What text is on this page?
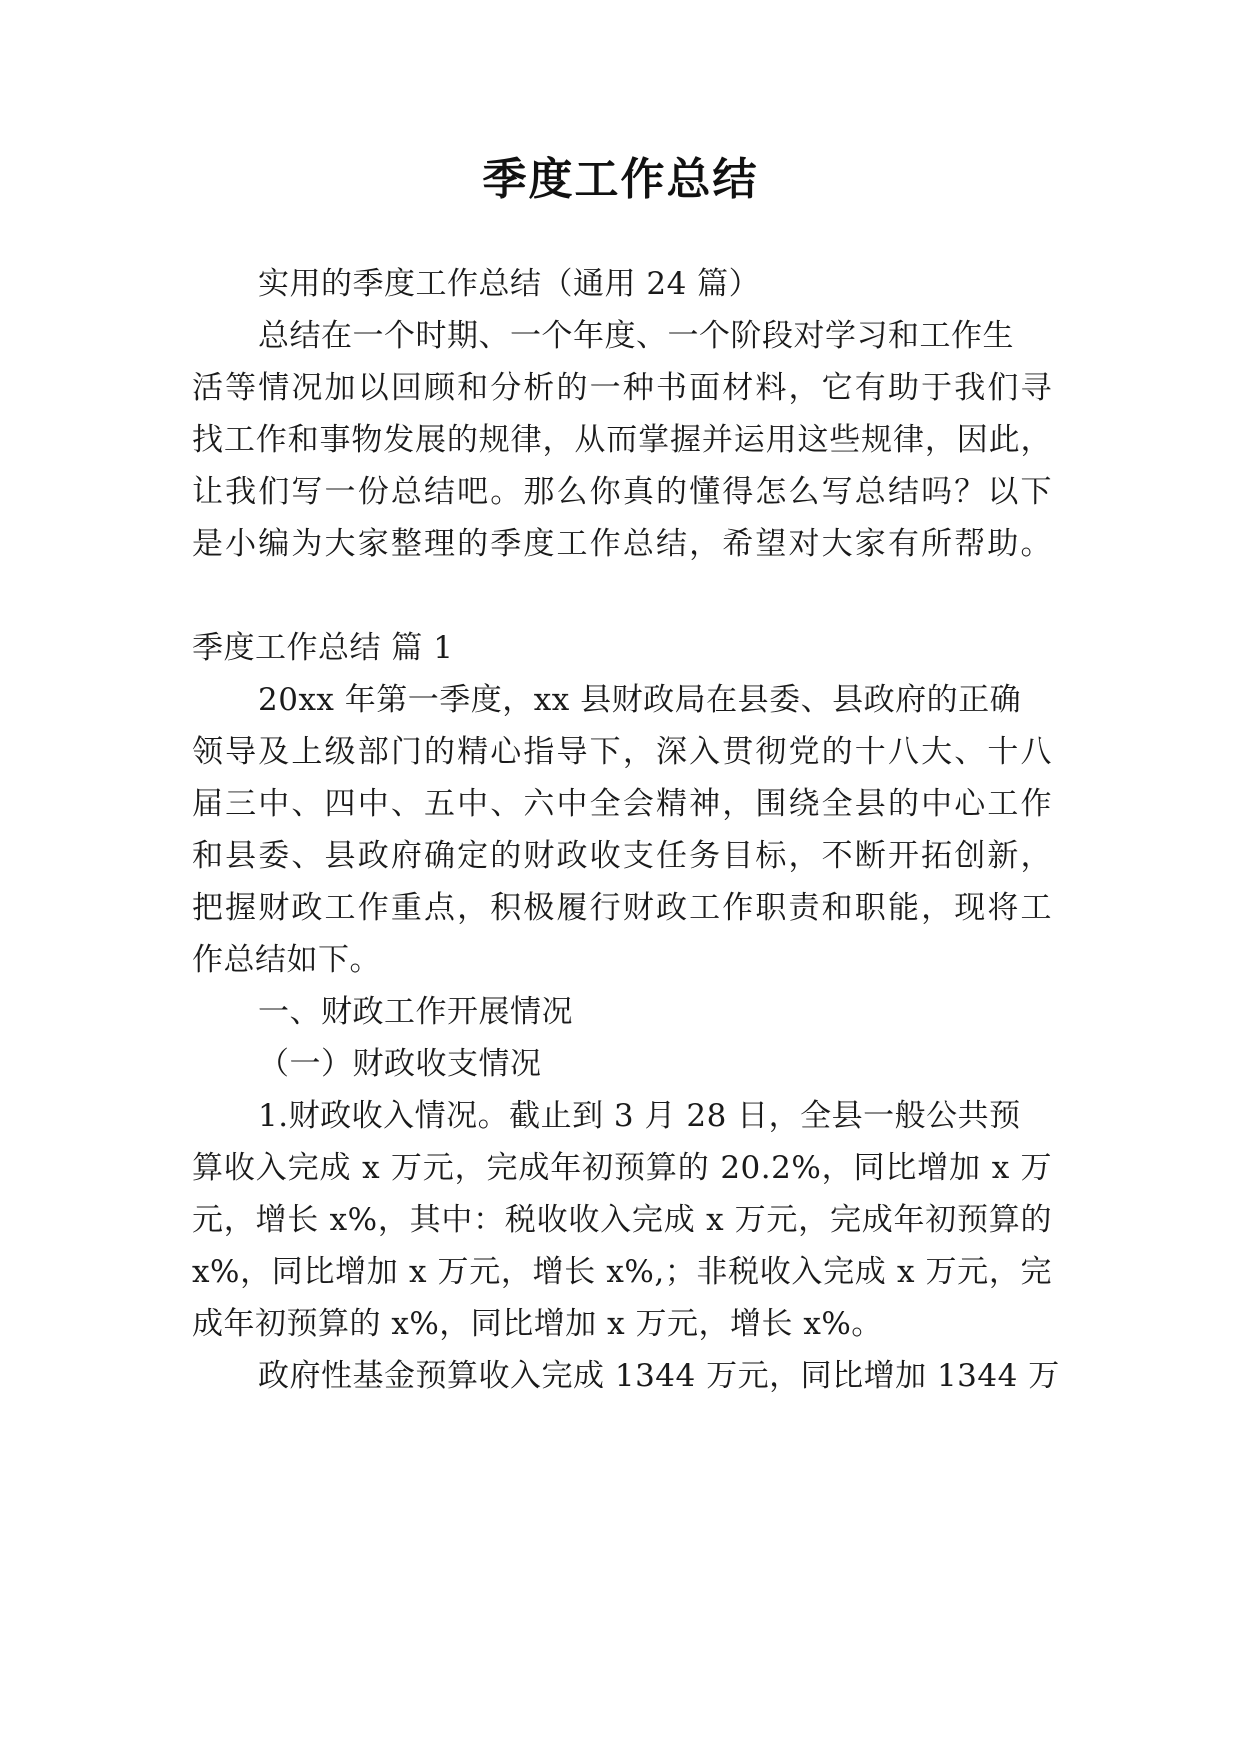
季度工作总结
实用的季度工作总结（通用 24 篇）
总结在一个时期、一个年度、一个阶段对学习和工作生
活等情况加以回顾和分析的一种书面材料，它有助于我们寻
找工作和事物发展的规律，从而掌握并运用这些规律，因此，
让我们写一份总结吧。那么你真的懂得怎么写总结吗？以下
是小编为大家整理的季度工作总结，希望对大家有所帮助。
季度工作总结 篇 1
20xx 年第一季度，xx 县财政局在县委、县政府的正确
领导及上级部门的精心指导下，深入贯彻党的十八大、十八
届三中、四中、五中、六中全会精神，围绕全县的中心工作
和县委、县政府确定的财政收支任务目标，不断开拓创新，
把握财政工作重点，积极履行财政工作职责和职能，现将工
作总结如下。
一、财政工作开展情况
（一）财政收支情况
1.财政收入情况。截止到 3 月 28 日，全县一般公共预
算收入完成 x 万元，完成年初预算的 20.2%，同比增加 x 万
元，增长 x%，其中：税收收入完成 x 万元，完成年初预算的
x%，同比增加 x 万元，增长 x%,；非税收入完成 x 万元，完
成年初预算的 x%，同比增加 x 万元，增长 x%。
政府性基金预算收入完成 1344 万元，同比增加 1344 万
